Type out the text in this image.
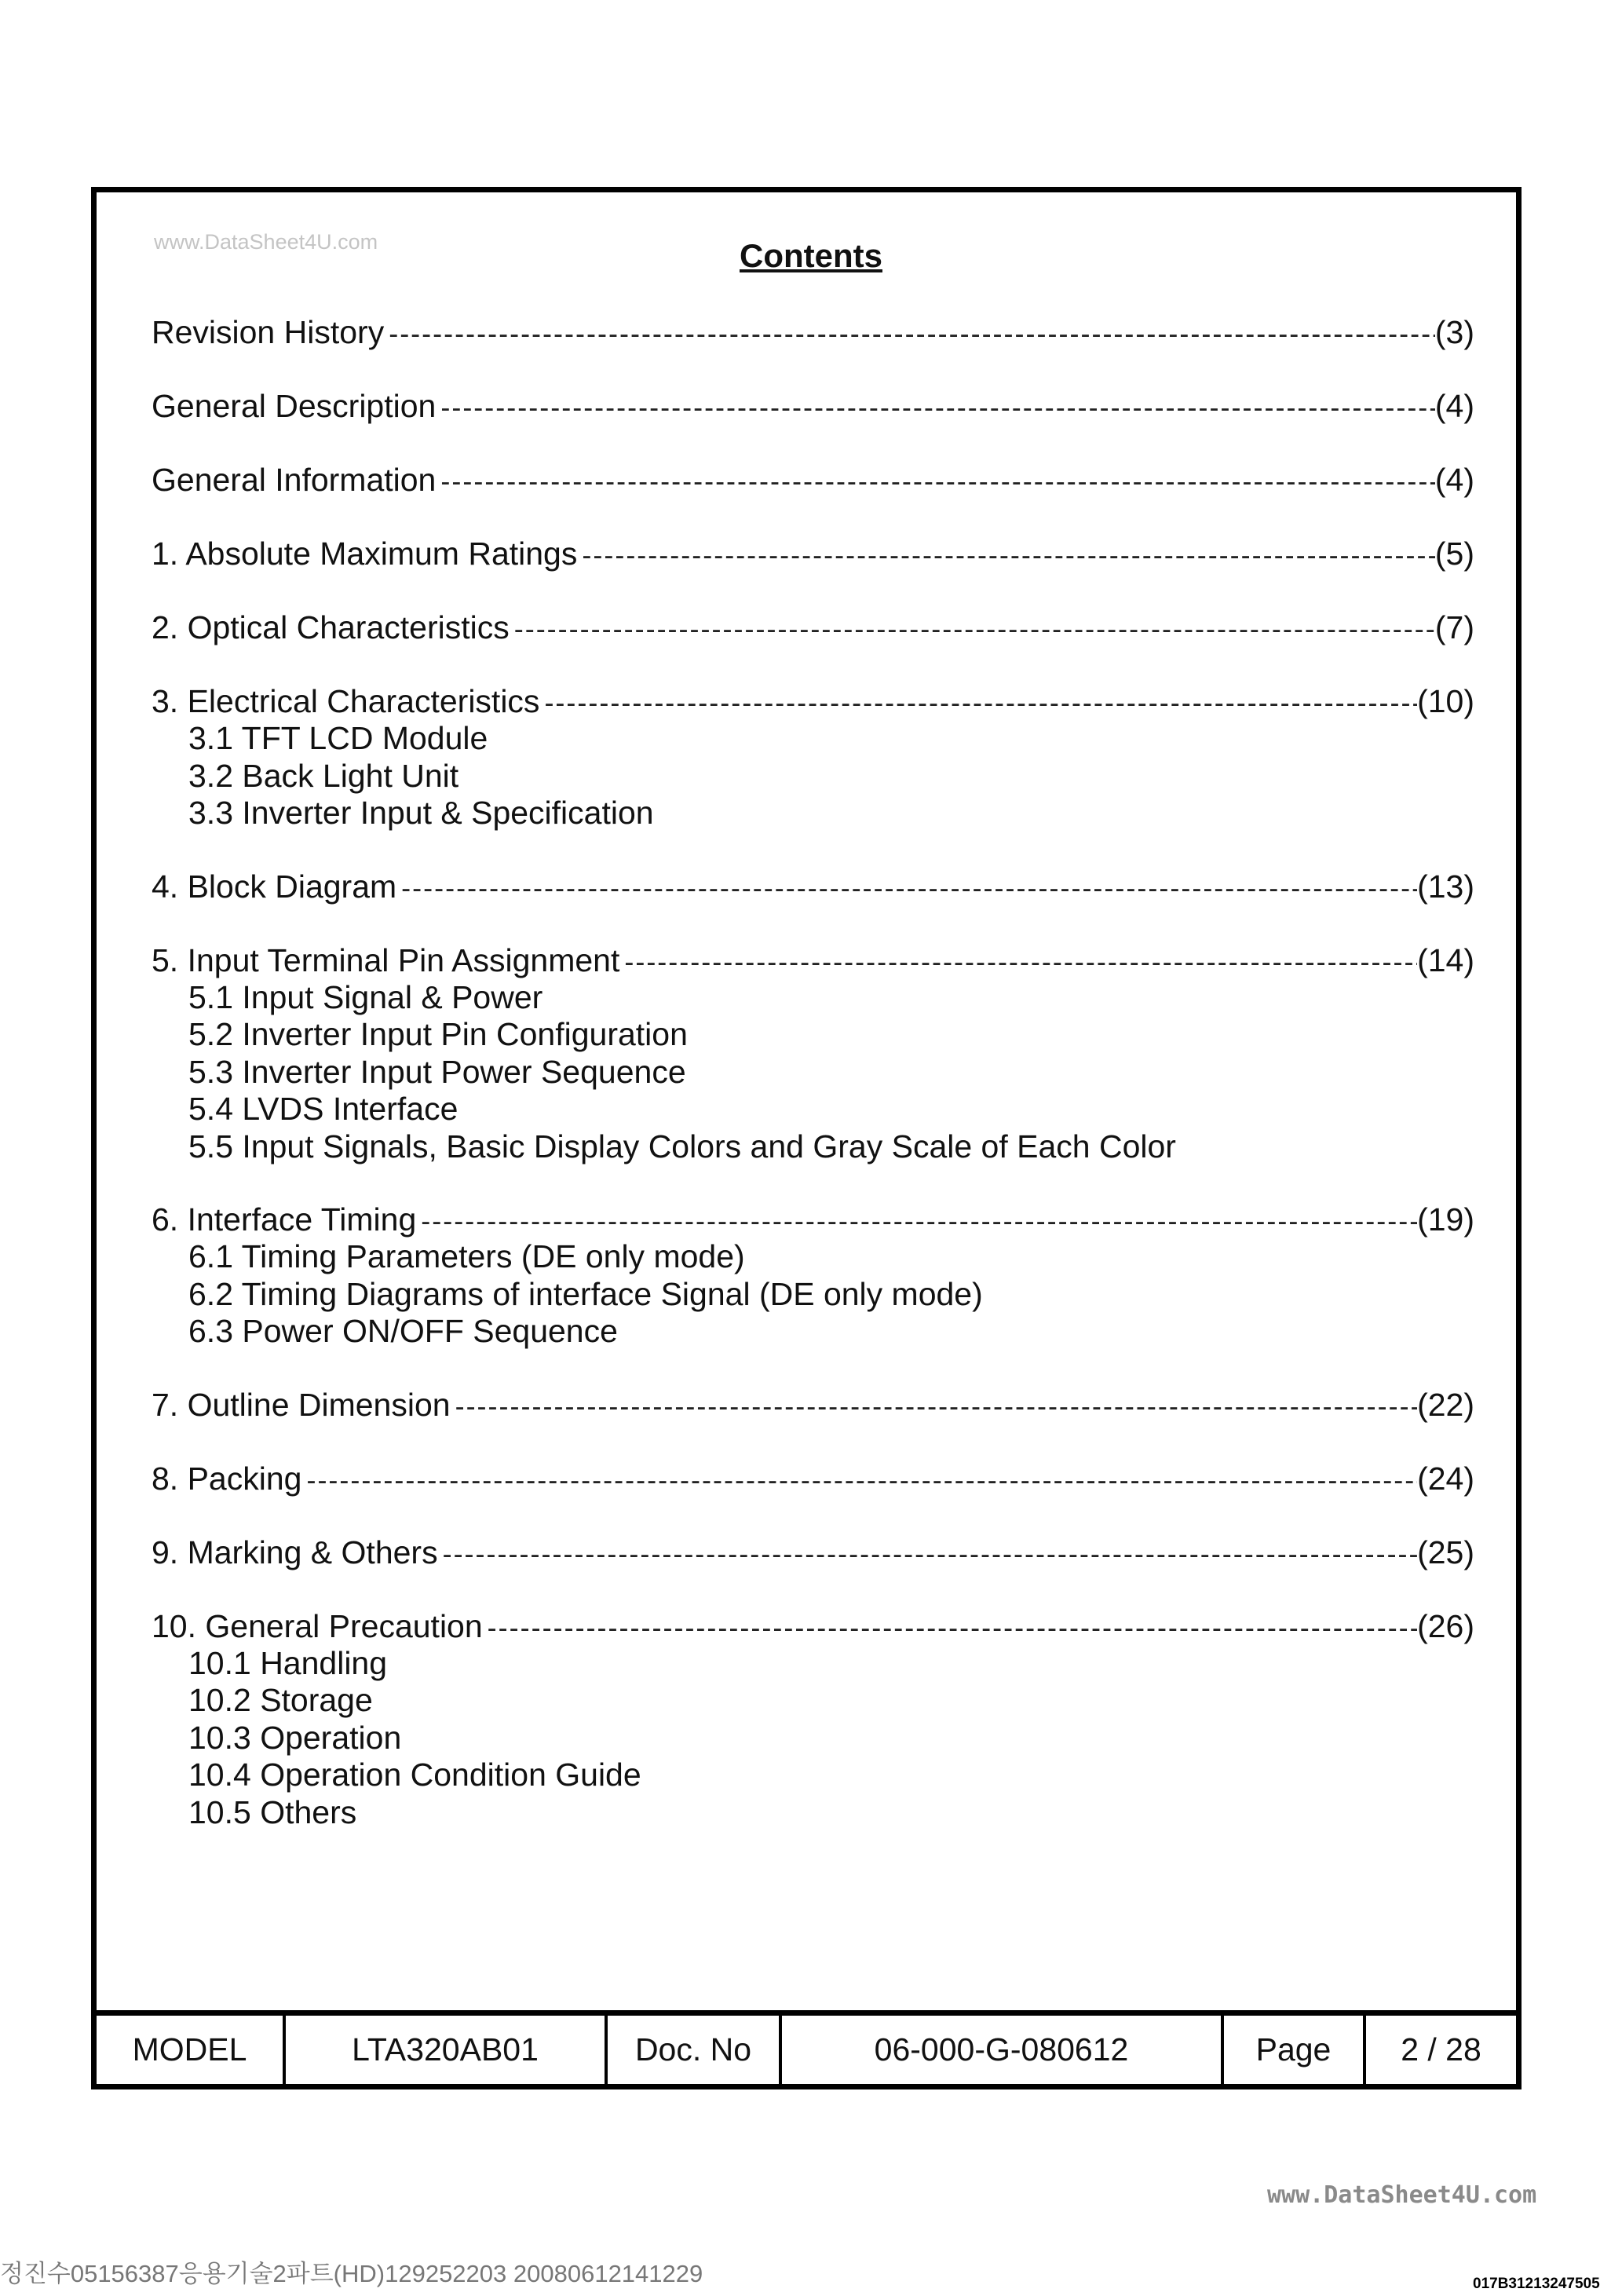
www.DataSheet4U.com	Contents
Revision History -----	(3)
General Description -----	(4)
General Information -----	(4)
1. Absolute Maximum Ratings -----	(5)
2. Optical Characteristics -----	(7)
3. Electrical Characteristics -----	(10)
3.1 TFT LCD Module
3.2 Back Light Unit
3.3 Inverter Input & Specification
4. Block Diagram -----	(13)
5. Input Terminal Pin Assignment -----	(14)
5.1 Input Signal & Power
5.2 Inverter Input Pin Configuration
5.3 Inverter Input Power Sequence
5.4 LVDS Interface
5.5 Input Signals, Basic Display Colors and Gray Scale of Each Color
6. Interface Timing -----	(19)
6.1 Timing Parameters (DE only mode)
6.2 Timing Diagrams of interface Signal (DE only mode)
6.3 Power ON/OFF Sequence
7. Outline Dimension -----	(22)
8. Packing -----	(24)
9. Marking & Others -----	(25)
10. General Precaution -----	(26)
10.1 Handling
10.2 Storage
10.3 Operation
10.4 Operation Condition Guide
10.5 Others
MODEL	LTA320AB01	Doc. No	06-000-G-080612	Page	2 / 28
www.DataSheet4U.com
정진수05156387응용기술2파트(HD)129252203 20080612141229	017B31213247505
